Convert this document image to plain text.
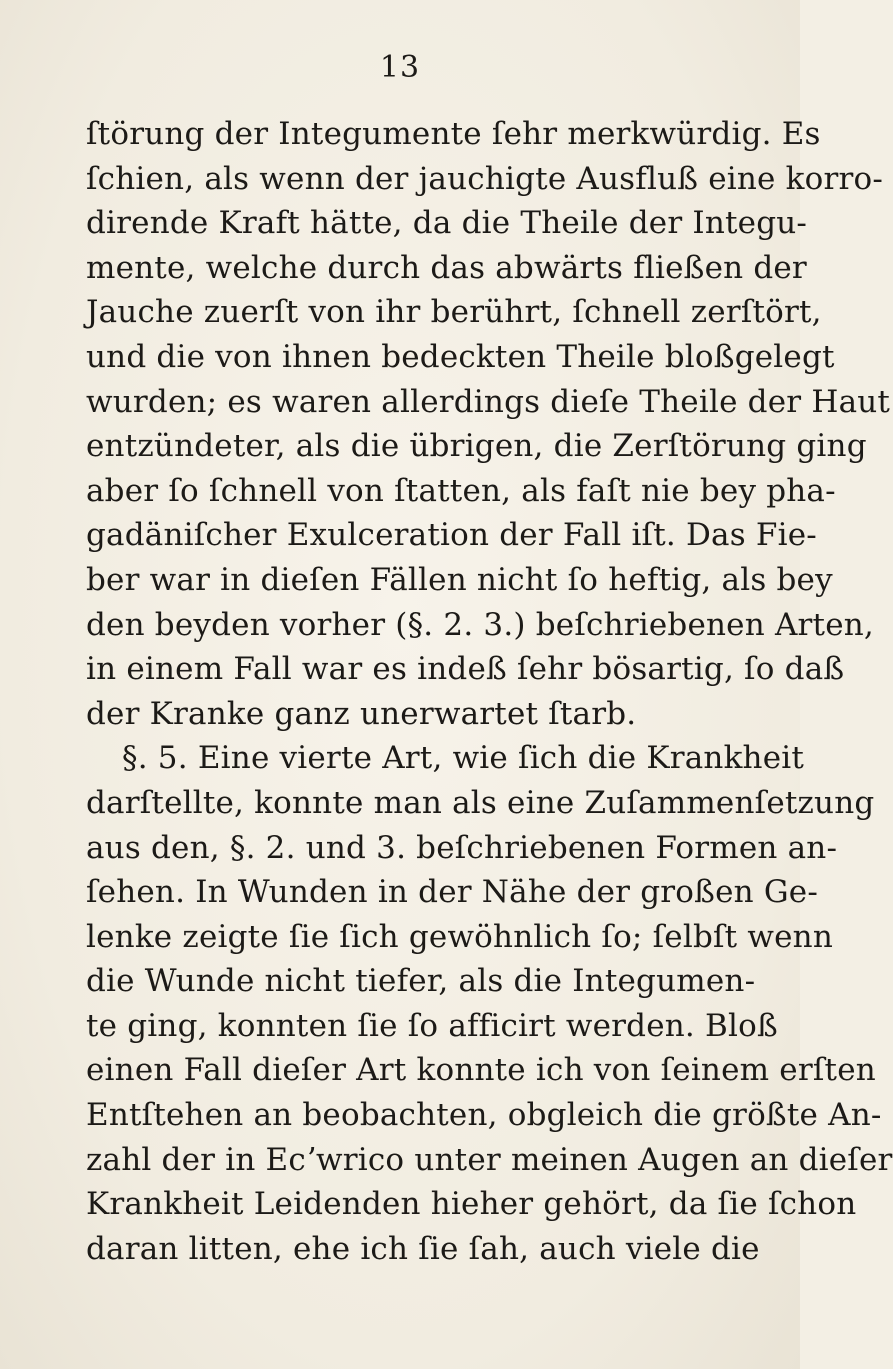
13
ſtörung der Integumente ſehr merkwürdig. Es
ſchien, als wenn der jauchigte Ausfluß eine korro-
dirende Kraft hätte, da die Theile der Integu-
mente, welche durch das abwärts fließen der
Jauche zuerſt von ihr berührt, ſchnell zerſtört,
und die von ihnen bedeckten Theile bloßgelegt
wurden; es waren allerdings dieſe Theile der Haut
entzündeter, als die übrigen, die Zerſtörung ging
aber ſo ſchnell von ſtatten, als faſt nie bey pha-
gadäniſcher Exulceration der Fall iſt. Das Fie-
ber war in dieſen Fällen nicht ſo heftig, als bey
den beyden vorher (§. 2. 3.) beſchriebenen Arten,
in einem Fall war es indeß ſehr bösartig, ſo daß
der Kranke ganz unerwartet ſtarb.
§. 5. Eine vierte Art, wie ſich die Krankheit
darſtellte, konnte man als eine Zuſammenſetzung
aus den, §. 2. und 3. beſchriebenen Formen an-
ſehen. In Wunden in der Nähe der großen Ge-
lenke zeigte ſie ſich gewöhnlich ſo; ſelbſt wenn
die Wunde nicht tiefer, als die Integumen-
te ging, konnten ſie ſo afficirt werden. Bloß
einen Fall dieſer Art konnte ich von ſeinem erſten
Entſtehen an beobachten, obgleich die größte An-
zahl der in Ecʼwrico unter meinen Augen an dieſer
Krankheit Leidenden hieher gehört, da ſie ſchon
daran litten, ehe ich ſie ſah, auch viele die
